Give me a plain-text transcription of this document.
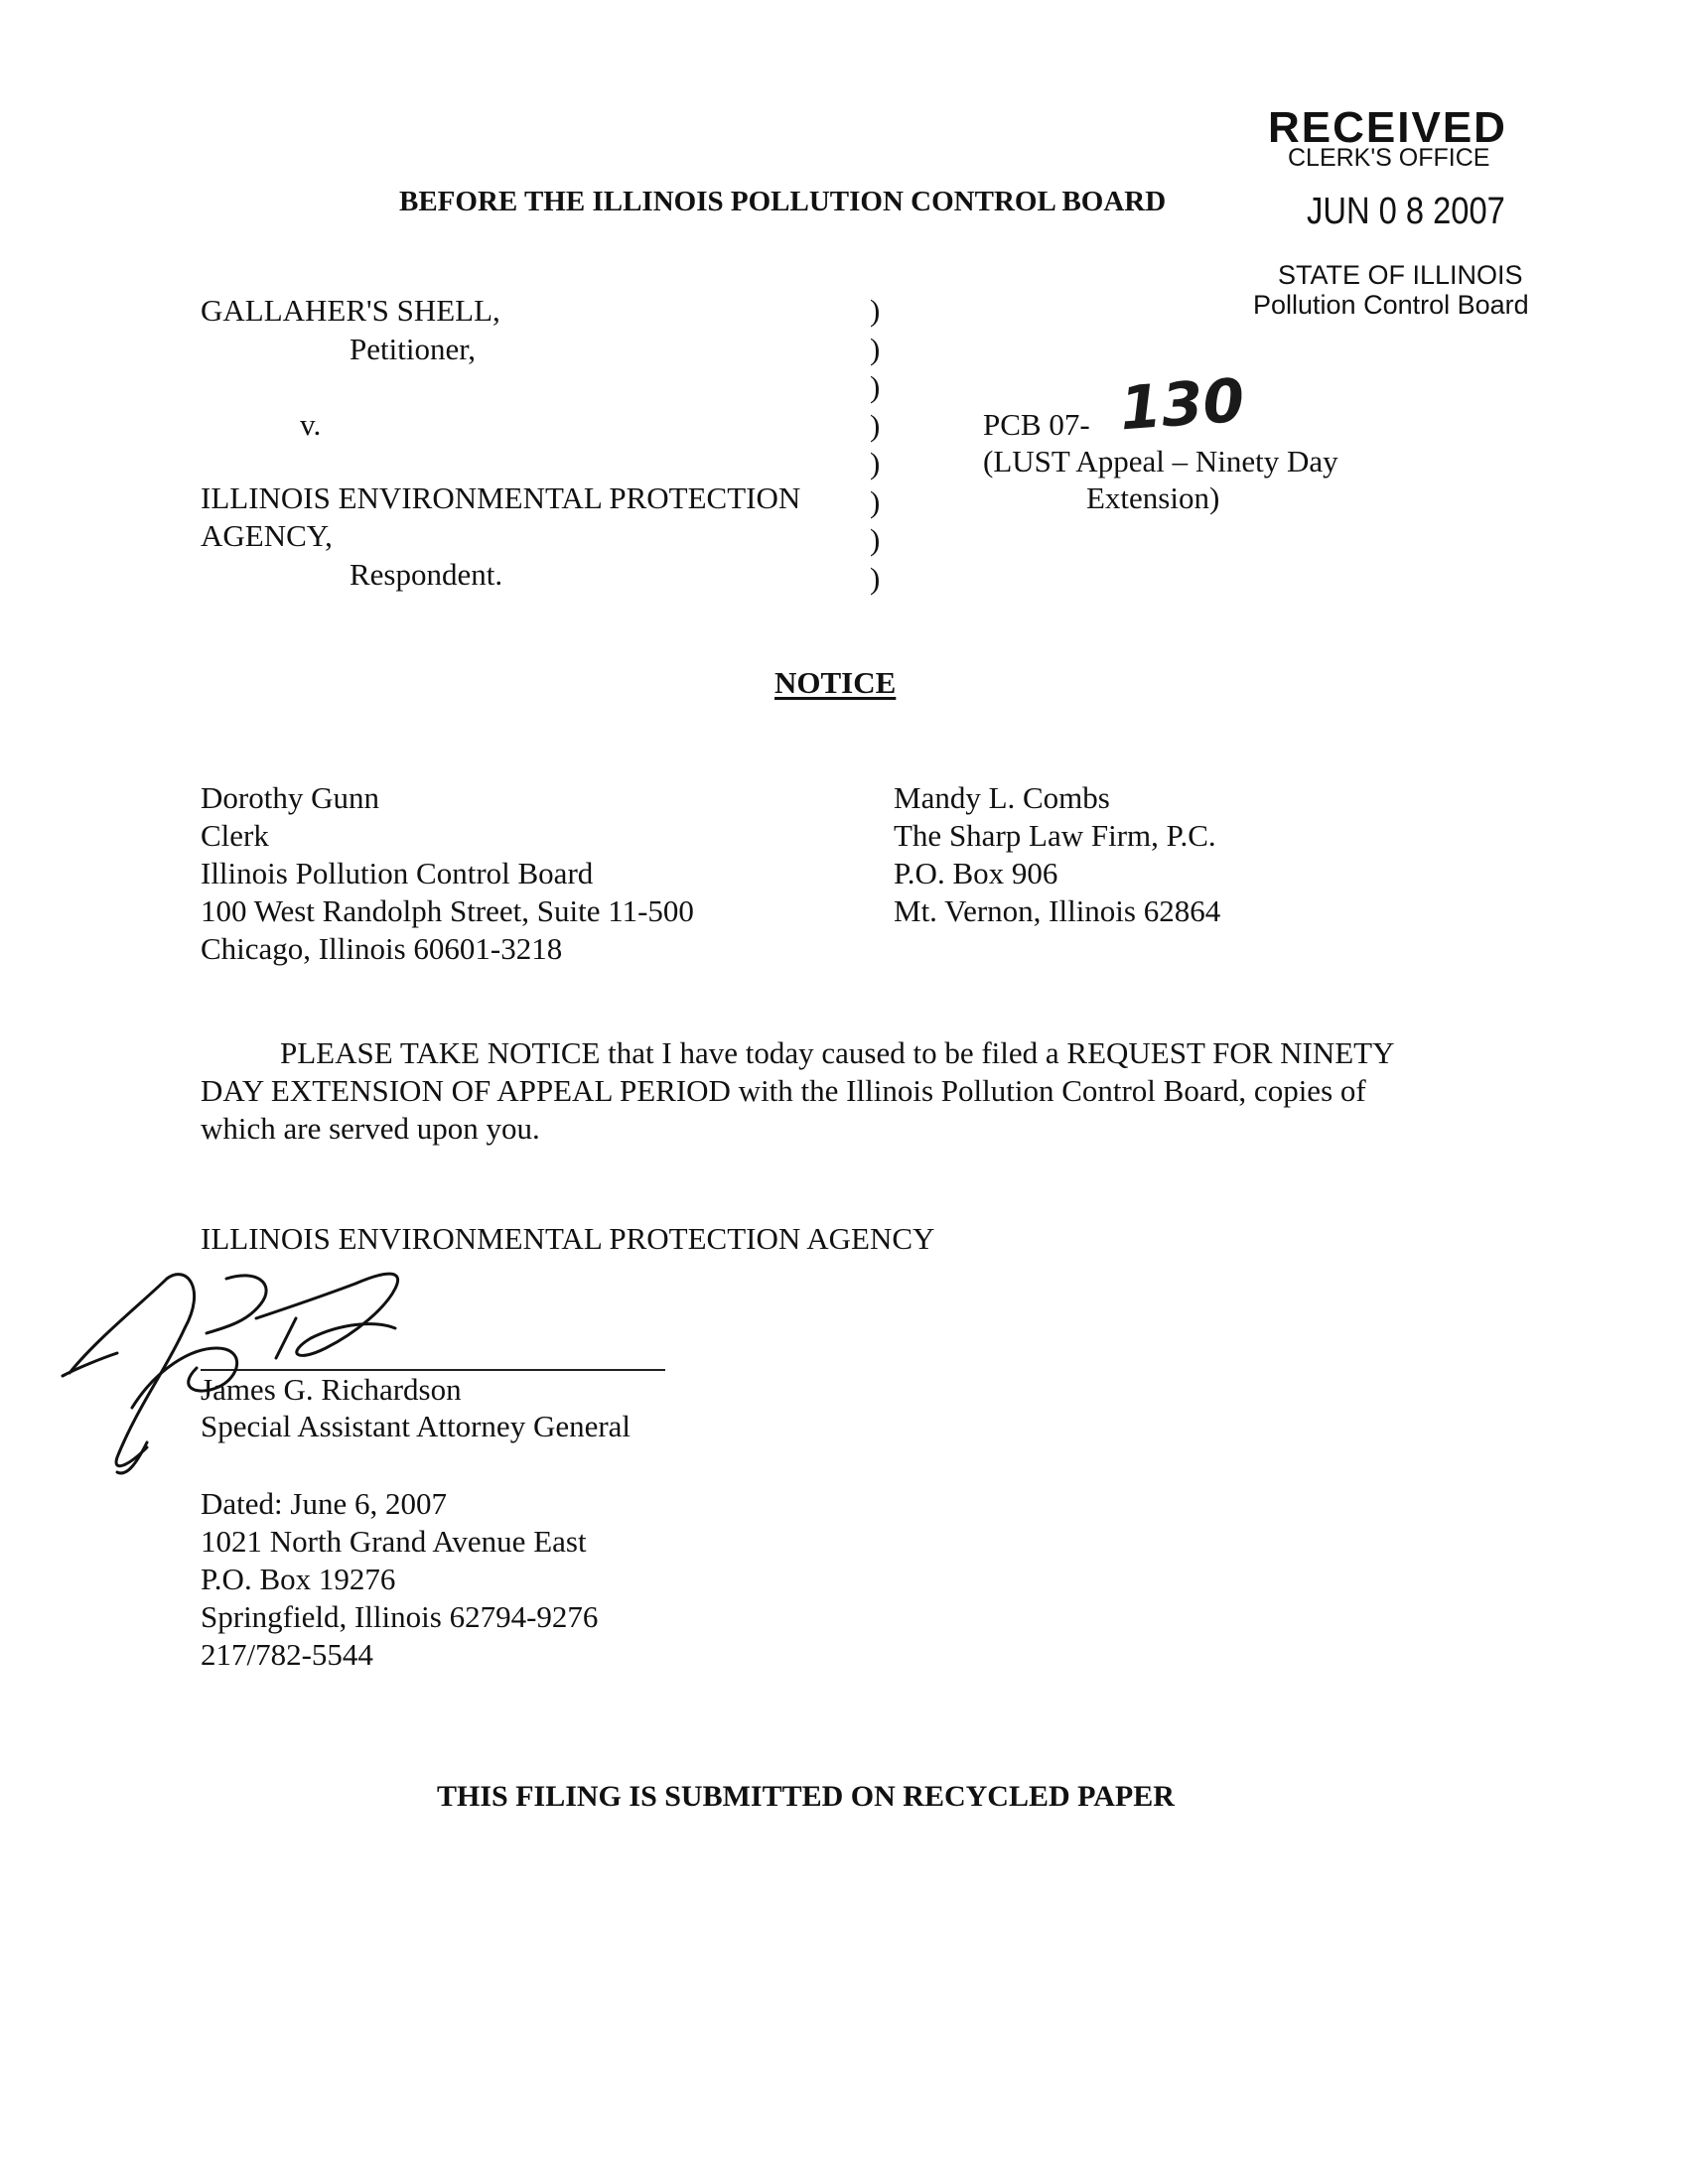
RECEIVED
CLERK'S OFFICE
JUN 0 8 2007
STATE OF ILLINOIS
Pollution Control Board
BEFORE THE ILLINOIS POLLUTION CONTROL BOARD
GALLAHER'S SHELL,
Petitioner,
v.
ILLINOIS ENVIRONMENTAL PROTECTION
AGENCY,
Respondent.
)
)
)
)
)
)
)
)
PCB 07- 130
(LUST Appeal – Ninety Day
Extension)
NOTICE
Dorothy Gunn
Clerk
Illinois Pollution Control Board
100 West Randolph Street, Suite 11-500
Chicago, Illinois 60601-3218
Mandy L. Combs
The Sharp Law Firm, P.C.
P.O. Box 906
Mt. Vernon, Illinois 62864
PLEASE TAKE NOTICE that I have today caused to be filed a REQUEST FOR NINETY
DAY EXTENSION OF APPEAL PERIOD with the Illinois Pollution Control Board, copies of
which are served upon you.
ILLINOIS ENVIRONMENTAL PROTECTION AGENCY
James G. Richardson
Special Assistant Attorney General
Dated: June 6, 2007
1021 North Grand Avenue East
P.O. Box 19276
Springfield, Illinois 62794-9276
217/782-5544
THIS FILING IS SUBMITTED ON RECYCLED PAPER
